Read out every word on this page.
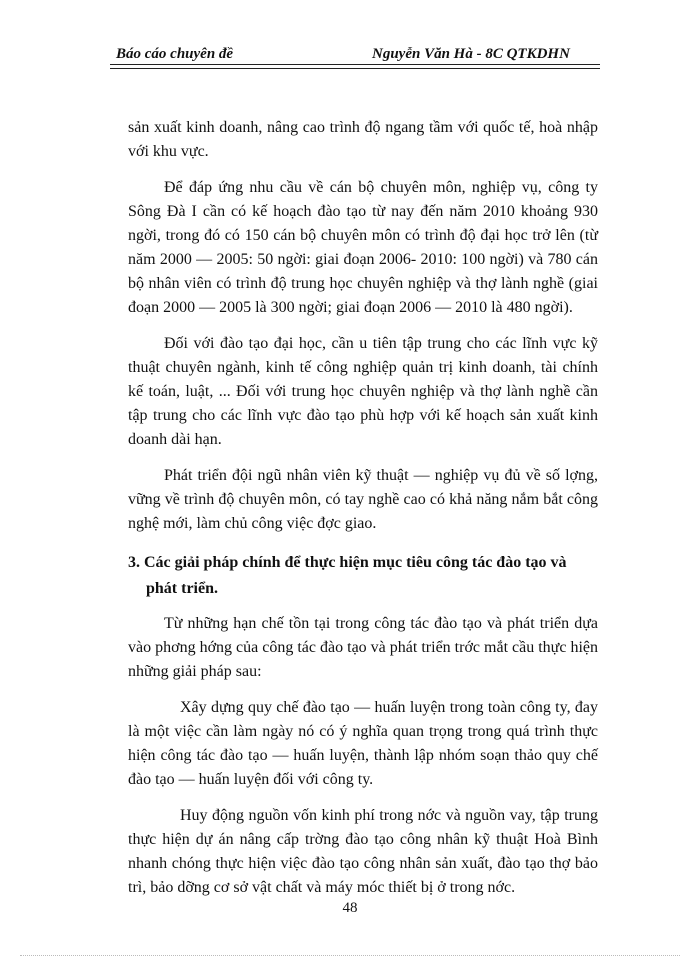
Báo cáo chuyên đề	Nguyễn Văn Hà - 8C QTKDHN

sản xuất kinh doanh, nâng cao trình độ ngang tầm với quốc tế, hoà nhập với khu vực.

Để đáp ứng nhu cầu về cán bộ chuyên môn, nghiệp vụ, công ty Sông Đà I cần có kế hoạch đào tạo từ nay đến năm 2010 khoảng 930 ngời, trong đó có 150 cán bộ chuyên môn có trình độ đại học trở lên (từ năm 2000 — 2005: 50 ngời: giai đoạn 2006- 2010: 100 ngời) và 780 cán bộ nhân viên có trình độ trung học chuyên nghiệp và thợ lành nghề (giai đoạn 2000 — 2005 là 300 ngời; giai đoạn 2006 — 2010 là 480 ngời).

Đối với đào tạo đại học, cần u tiên tập trung cho các lĩnh vực kỹ thuật chuyên ngành, kinh tế công nghiệp quản trị kinh doanh, tài chính kế toán, luật, ... Đối với trung học chuyên nghiệp và thợ lành nghề cần tập trung cho các lĩnh vực đào tạo phù hợp với kế hoạch sản xuất kinh doanh dài hạn.

Phát triển đội ngũ nhân viên kỹ thuật — nghiệp vụ đủ về số lợng, vững về trình độ chuyên môn, có tay nghề cao có khả năng nắm bắt công nghệ mới, làm chủ công việc đợc giao.

3. Các giải pháp chính để thực hiện mục tiêu công tác đào tạo và phát triển.

Từ những hạn chế tồn tại trong công tác đào tạo và phát triển dựa vào phơng hớng của công tác đào tạo và phát triển trớc mắt cầu thực hiện những giải pháp sau:

Xây dựng quy chế đào tạo — huấn luyện trong toàn công ty, đay là một việc cần làm ngày nó có ý nghĩa quan trọng trong quá trình thực hiện công tác đào tạo — huấn luyện, thành lập nhóm soạn thảo quy chế đào tạo — huấn luyện đối với công ty.

Huy động nguồn vốn kinh phí trong nớc và nguồn vay, tập trung thực hiện dự án nâng cấp trờng đào tạo công nhân kỹ thuật Hoà Bình nhanh chóng thực hiện việc đào tạo công nhân sản xuất, đào tạo thợ bảo trì, bảo dỡng cơ sở vật chất và máy móc thiết bị ở trong nớc.

48
